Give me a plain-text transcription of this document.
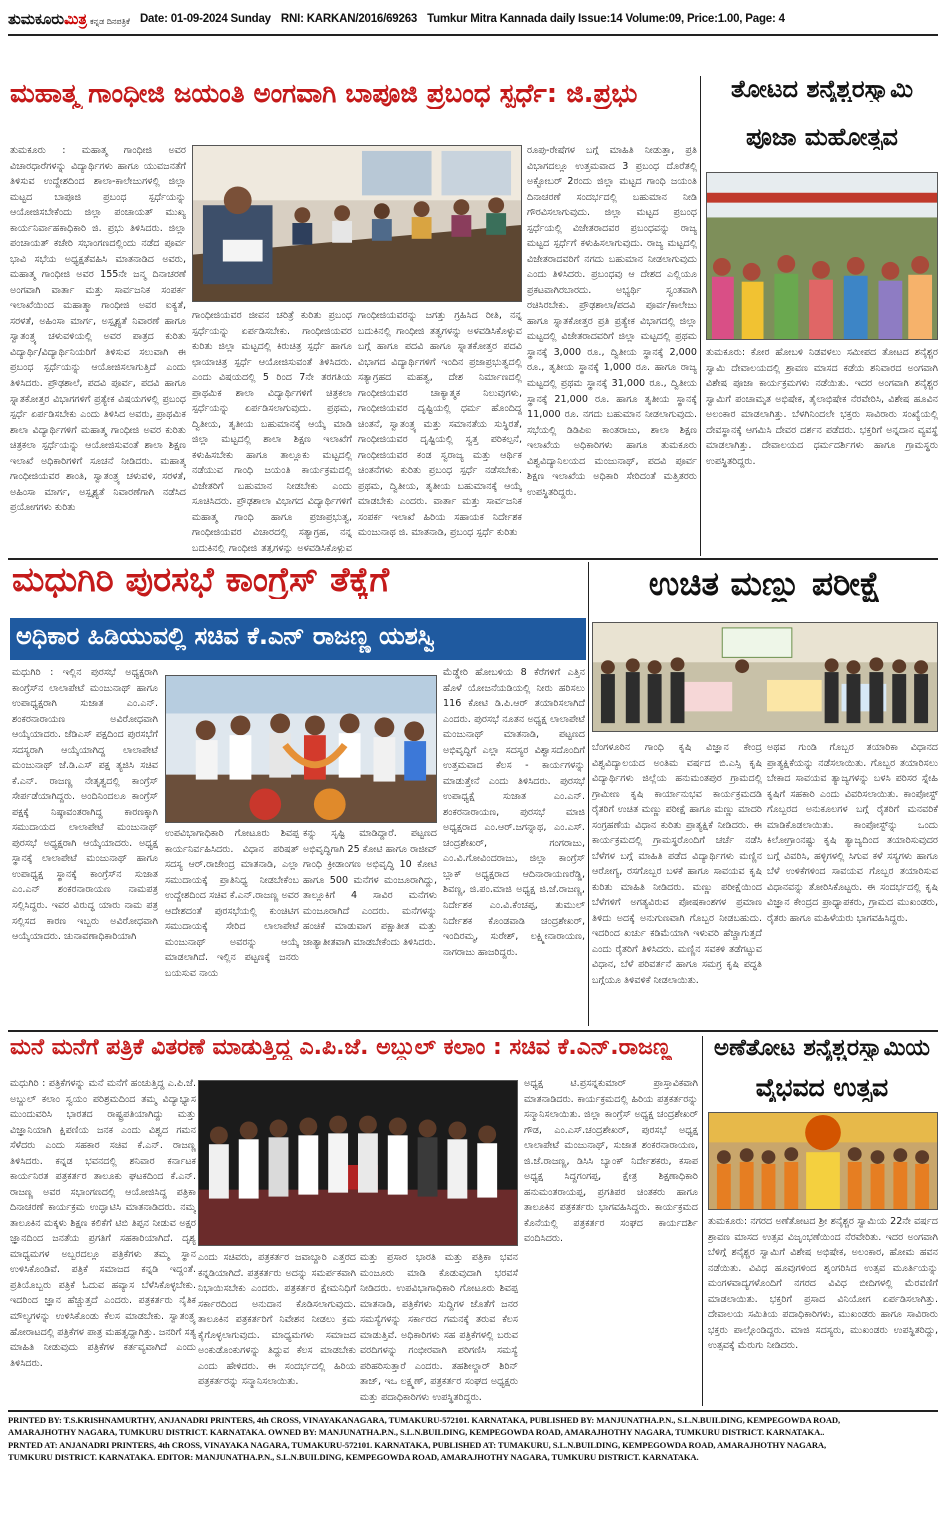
ತುಮಕೂರುಮಿತ್ರ ಕನ್ನಡ ದಿನಪತ್ರಿಕೆ Date: 01-09-2024 Sunday RNI: KARKAN/2016/69263 Tumkur Mitra Kannada daily Issue:14 Volume:09, Price:1.00, Page: 4
ಮಹಾತ್ಮ ಗಾಂಧೀಜಿ ಜಯಂತಿ ಅಂಗವಾಗಿ ಬಾಪೂಜಿ ಪ್ರಬಂಧ ಸ್ಪರ್ಧೆ: ಜಿ.ಪ್ರಭು
ತುಮಕೂರು : ಮಹಾತ್ಮ ಗಾಂಧೀಜಿ ಅವರ ವಿಚಾರಧಾರೆಗಳನ್ನು ವಿದ್ಯಾರ್ಥಿಗಳು ಹಾಗೂ ಯುವಜನತೆಗೆ ತಿಳಿಸುವ ಉದ್ದೇಶದಿಂದ ಶಾಲಾ-ಕಾಲೇಜುಗಳಲ್ಲಿ ಜಿಲ್ಲಾ ಮಟ್ಟದ ಬಾಪೂಜಿ ಪ್ರಬಂಧ ಸ್ಪರ್ಧೆಯನ್ನು ಆಯೋಜಿಸಬೇಕೆಂದು ಜಿಲ್ಲಾ ಪಂಚಾಯತ್ ಮುಖ್ಯ ಕಾರ್ಯನಿರ್ವಾಹಕಾಧಿಕಾರಿ ಜಿ. ಪ್ರಭು ತಿಳಿಸಿದರು. ಜಿಲ್ಲಾ ಪಂಚಾಯತ್ ಕಚೇರಿ ಸಭಾಂಗಣದಲ್ಲಿಂದು ನಡೆದ ಪೂರ್ವ ಭಾವಿ ಸಭೆಯ ಅಧ್ಯಕ್ಷತೆವಹಿಸಿ ಮಾತನಾಡಿದ ಅವರು, ಮಹಾತ್ಮ ಗಾಂಧೀಜಿ ಅವರ 155ನೇ ಜನ್ಮ ದಿನಾಚರಣೆ ಅಂಗವಾಗಿ ವಾರ್ತಾ ಮತ್ತು ಸಾರ್ವಜನಿಕ ಸಂಪರ್ಕ ಇಲಾಖೆಯಿಂದ ಮಹಾತ್ಮಾ ಗಾಂಧೀಜಿ ಅವರ ಐಕ್ಯತೆ, ಸರಳತೆ, ಅಹಿಂಸಾ ಮಾರ್ಗ, ಅಸ್ಪೃಶ್ಯತೆ ನಿವಾರಣೆ ಹಾಗೂ ಸ್ವಾತಂತ್ರ್ಯ ಚಳುವಳಿಯಲ್ಲಿ ಅವರ ಪಾತ್ರದ ಕುರಿತು ವಿದ್ಯಾರ್ಥಿ/ವಿದ್ಯಾರ್ಥಿನಿಯರಿಗೆ ತಿಳಿಸುವ ಸಲುವಾಗಿ ಈ ಪ್ರಬಂಧ ಸ್ಪರ್ಧೆಯನ್ನು ಆಯೋಜಿಸಲಾಗುತ್ತಿದೆ ಎಂದು ತಿಳಿಸಿದರು. ಪ್ರೌಢಶಾಲೆ, ಪದವಿ ಪೂರ್ವ, ಪದವಿ ಹಾಗೂ ಸ್ನಾತಕೋತ್ತರ ವಿಭಾಗಗಳಿಗೆ ಪ್ರತ್ಯೇಕ ವಿಷಯಗಳಲ್ಲಿ ಪ್ರಬಂಧ ಸ್ಪರ್ಧೆ ಏರ್ಪಡಿಸಬೇಕು ಎಂದು ತಿಳಿಸಿದ ಅವರು, ಪ್ರಾಥಮಿಕ ಶಾಲಾ ವಿದ್ಯಾರ್ಥಿಗಳಿಗೆ ಮಹಾತ್ಮ ಗಾಂಧೀಜಿ ಅವರ ಕುರಿತು ಚಿತ್ರಕಲಾ ಸ್ಪರ್ಧೆಯನ್ನು ಆಯೋಜಿಸುವಂತೆ ಶಾಲಾ ಶಿಕ್ಷಣ ಇಲಾಖೆ ಅಧಿಕಾರಿಗಳಿಗೆ ಸೂಚನೆ ನೀಡಿದರು. ಮಹಾತ್ಮ ಗಾಂಧೀಜಿಯವರ ಶಾಂತಿ, ಸ್ವಾತಂತ್ರ್ಯ ಚಳುವಳಿ, ಸರಳತೆ, ಅಹಿಂಸಾ ಮಾರ್ಗ, ಅಸ್ಪೃಶ್ಯತೆ ನಿವಾರಣೆಗಾಗಿ ನಡೆಸಿದ ಪ್ರಯೋಗಗಳು ಕುರಿತು
ಗಾಂಧೀಜಿಯವರ ಜೀವನ ಚರಿತ್ರೆ ಕುರಿತು ಪ್ರಬಂಧ ಸ್ಪರ್ಧೆಯನ್ನು ಏರ್ಪಡಿಸಬೇಕು. ಗಾಂಧೀಜಿಯವರ ಕುರಿತು ಜಿಲ್ಲಾ ಮಟ್ಟದಲ್ಲಿ ಕಿರುಚಿತ್ರ ಸ್ಪರ್ಧೆ ಹಾಗೂ ಛಾಯಾಚಿತ್ರ ಸ್ಪರ್ಧೆ ಆಯೋಜಿಸುವಂತೆ ತಿಳಿಸಿದರು. ಎಂದು ವಿಷಯದಲ್ಲಿ 5 ರಿಂದ 7ನೇ ತರಗತಿಯ ಪ್ರಾಥಮಿಕ ಶಾಲಾ ವಿದ್ಯಾರ್ಥಿಗಳಿಗೆ ಚಿತ್ರಕಲಾ ಸ್ಪರ್ಧೆಯನ್ನು ಏರ್ಪಡಿಸಲಾಗುವುದು. ಪ್ರಥಮ, ದ್ವಿತೀಯ, ತೃತೀಯ ಬಹುಮಾನಕ್ಕೆ ಆಯ್ಕೆ ಮಾಡಿ ಜಿಲ್ಲಾ ಮಟ್ಟದಲ್ಲಿ ಶಾಲಾ ಶಿಕ್ಷಣ ಇಲಾಖೆಗೆ ಕಳುಹಿಸಬೇಕು ಹಾಗೂ ತಾಲ್ಲೂಕು ಮಟ್ಟದಲ್ಲಿ ನಡೆಯುವ ಗಾಂಧಿ ಜಯಂತಿ ಕಾರ್ಯಕ್ರಮದಲ್ಲಿ ವಿಜೇತರಿಗೆ ಬಹುಮಾನ ನೀಡಬೇಕು ಎಂದು ಸೂಚಿಸಿದರು. ಪ್ರೌಢಶಾಲಾ ವಿಭಾಗದ ವಿದ್ಯಾರ್ಥಿಗಳಿಗೆ ಮಹಾತ್ಮ ಗಾಂಧಿ ಹಾಗೂ ಪ್ರಜಾಪ್ರಭುತ್ವ, ಗಾಂಧೀಜಿಯವರ ವಿಚಾರದಲ್ಲಿ ಸತ್ಯಾಗ್ರಹ, ನನ್ನ ಬದುಕಿನಲ್ಲಿ ಗಾಂಧೀಜಿ ತತ್ವಗಳನ್ನು ಅಳವಡಿಸಿಕೊಳ್ಳುವ
ಗಾಂಧೀಜಿಯವರನ್ನು ಜಗತ್ತು ಗ್ರಹಿಸಿದ ರೀತಿ, ನನ್ನ ಬದುಕಿನಲ್ಲಿ ಗಾಂಧೀಜಿ ತತ್ವಗಳನ್ನು ಅಳವಡಿಸಿಕೊಳ್ಳುವ ಬಗ್ಗೆ ಹಾಗೂ ಪದವಿ ಹಾಗೂ ಸ್ನಾತಕೋತ್ತರ ಪದವಿ ವಿಭಾಗದ ವಿದ್ಯಾರ್ಥಿಗಳಿಗೆ ಇಂದಿನ ಪ್ರಜಾಪ್ರಭುತ್ವದಲ್ಲಿ ಸತ್ಯಾಗ್ರಹದ ಮಹತ್ವ, ದೇಶ ನಿರ್ಮಾಣದಲ್ಲಿ ಗಾಂಧೀಜಿಯವರ ಚಾಕ್ಯಾತ್ಮಕ ನಿಲುವುಗಳು, ಗಾಂಧೀಜಿಯವರ ದೃಷ್ಟಿಯಲ್ಲಿ ಧರ್ಮ ಹೊಂದಿದ್ದ ಚಿಂತನೆ, ಸ್ವಾತಂತ್ರ್ಯ ಮತ್ತು ಸಮಾನತೆಯ ಸುಸ್ಥಿರತೆ, ಗಾಂಧೀಜಿಯವರ ದೃಷ್ಟಿಯಲ್ಲಿ ಸ್ವತ್ತ ಪರಿಕಲ್ಪನೆ, ಗಾಂಧೀಜಿಯವರ ಕಂಡ ಸ್ವರಾಜ್ಯ ಮತ್ತು ಆರ್ಥಿಕ ಚಿಂತನೆಗಳು ಕುರಿತು ಪ್ರಬಂಧ ಸ್ಪರ್ಧೆ ನಡೆಸಬೇಕು. ಪ್ರಥಮ, ದ್ವಿತೀಯ, ತೃತೀಯ ಬಹುಮಾನಕ್ಕೆ ಆಯ್ಕೆ ಮಾಡಬೇಕು ಎಂದರು. ವಾರ್ತಾ ಮತ್ತು ಸಾರ್ವಜನಿಕ ಸಂಪರ್ಕ ಇಲಾಖೆ ಹಿರಿಯ ಸಹಾಯಕ ನಿರ್ದೇಶಕ ಮಂಜುನಾಥ ಜಿ. ಮಾತನಾಡಿ, ಪ್ರಬಂಧ ಸ್ಪರ್ಧೆ ಕುರಿತು
ರೂಪು-ರೇಷೆಗಳ ಬಗ್ಗೆ ಮಾಹಿತಿ ನೀಡುತ್ತಾ, ಪ್ರತಿ ವಿಭಾಗದಲ್ಲೂ ಉತ್ತಮವಾದ 3 ಪ್ರಬಂಧ ದೊರೆತಲ್ಲಿ ಅಕ್ಟೋಬರ್ 2ರಂದು ಜಿಲ್ಲಾ ಮಟ್ಟದ ಗಾಂಧಿ ಜಯಂತಿ ದಿನಾಚರಣೆ ಸಂದರ್ಭದಲ್ಲಿ ಬಹುಮಾನ ನೀಡಿ ಗೌರವಿಸಲಾಗುವುದು. ಜಿಲ್ಲಾ ಮಟ್ಟದ ಪ್ರಬಂಧ ಸ್ಪರ್ಧೆಯಲ್ಲಿ ವಿಜೇತರಾದವರ ಪ್ರಬಂಧವನ್ನು ರಾಜ್ಯ ಮಟ್ಟದ ಸ್ಪರ್ಧೆಗೆ ಕಳುಹಿಸಲಾಗುವುದು. ರಾಜ್ಯ ಮಟ್ಟದಲ್ಲಿ ವಿಜೇತರಾದವರಿಗೆ ನಗದು ಬಹುಮಾನ ನೀಡಲಾಗುವುದು ಎಂದು ತಿಳಿಸಿದರು. ಪ್ರಬಂಧವು ಆ ದೇಶದ ಎಲ್ಲಿಯೂ ಪ್ರಕಟವಾಗಿರಬಾರದು. ಅಭ್ಯರ್ಥಿ ಸ್ವಂತವಾಗಿ ರಚಿಸಿರಬೇಕು. ಪ್ರೌಢಶಾಲಾ/ಪದವಿ ಪೂರ್ವ/ಕಾಲೇಜು ಹಾಗೂ ಸ್ನಾತಕೋತ್ತರ ಪ್ರತಿ ಪ್ರತ್ಯೇಕ ವಿಭಾಗದಲ್ಲಿ ಜಿಲ್ಲಾ ಮಟ್ಟದಲ್ಲಿ ವಿಜೇತರಾದವರಿಗೆ ಜಿಲ್ಲಾ ಮಟ್ಟದಲ್ಲಿ ಪ್ರಥಮ ಸ್ಥಾನಕ್ಕೆ 3,000 ರೂ., ದ್ವಿತೀಯ ಸ್ಥಾನಕ್ಕೆ 2,000 ರೂ., ತೃತೀಯ ಸ್ಥಾನಕ್ಕೆ 1,000 ರೂ. ಹಾಗೂ ರಾಜ್ಯ ಮಟ್ಟದಲ್ಲಿ ಪ್ರಥಮ ಸ್ಥಾನಕ್ಕೆ 31,000 ರೂ., ದ್ವಿತೀಯ ಸ್ಥಾನಕ್ಕೆ 21,000 ರೂ. ಹಾಗೂ ತೃತೀಯ ಸ್ಥಾನಕ್ಕೆ 11,000 ರೂ. ನಗದು ಬಹುಮಾನ ನೀಡಲಾಗುವುದು. ಸಭೆಯಲ್ಲಿ ಡಿಡಿಪಿಐ ಕಾಂತರಾಜು, ಶಾಲಾ ಶಿಕ್ಷಣ ಇಲಾಖೆಯ ಅಧಿಕಾರಿಗಳು ಹಾಗೂ ತುಮಕೂರು ವಿಶ್ವವಿದ್ಯಾನಿಲಯದ ಮಂಜುನಾಥ್, ಪದವಿ ಪೂರ್ವ ಶಿಕ್ಷಣ ಇಲಾಖೆಯ ಅಧಿಕಾರಿ ಸೇರಿದಂತೆ ಮತ್ತಿತರರು ಉಪಸ್ಥಿತರಿದ್ದರು.
ತೋಟದ ಶನೈಶ್ಚರಸ್ವಾಮಿ
ಪೂಜಾ ಮಹೋತ್ಸವ
ತುಮಕೂರು: ಕೋರ ಹೋಬಳಿ ನಿಡವಳಲು ಸಮೀಪದ ತೋಟದ ಶನೈಶ್ಚರ ಸ್ವಾಮಿ ದೇವಾಲಯದಲ್ಲಿ ಶ್ರಾವಣ ಮಾಸದ ಕಡೆಯ ಶನಿವಾರದ ಅಂಗವಾಗಿ ವಿಶೇಷ ಪೂಜಾ ಕಾರ್ಯಕ್ರಮಗಳು ನಡೆಯಿತು. ಇದರ ಅಂಗವಾಗಿ ಶನೈಶ್ಚರ ಸ್ವಾಮಿಗೆ ಪಂಚಾಮೃತ ಅಭಿಷೇಕ, ತೈಲಾಭಿಷೇಕ ನೆರವೇರಿಸಿ, ವಿಶೇಷ ಹೂವಿನ ಅಲಂಕಾರ ಮಾಡಲಾಗಿತ್ತು. ಬೆಳಗಿನಿಂದಲೇ ಭಕ್ತರು ಸಾವಿರಾರು ಸಂಖ್ಯೆಯಲ್ಲಿ ದೇವಸ್ಥಾನಕ್ಕೆ ಆಗಮಿಸಿ ದೇವರ ದರ್ಶನ ಪಡೆದರು. ಭಕ್ತರಿಗೆ ಅನ್ನದಾನ ವ್ಯವಸ್ಥೆ ಮಾಡಲಾಗಿತ್ತು. ದೇವಾಲಯದ ಧರ್ಮದರ್ಶಿಗಳು ಹಾಗೂ ಗ್ರಾಮಸ್ಥರು ಉಪಸ್ಥಿತರಿದ್ದರು.
ಮಧುಗಿರಿ ಪುರಸಭೆ ಕಾಂಗ್ರೆಸ್ ತೆಕ್ಕೆಗೆ
ಅಧಿಕಾರ ಹಿಡಿಯುವಲ್ಲಿ ಸಚಿವ ಕೆ.ಎನ್ ರಾಜಣ್ಣ ಯಶಸ್ವಿ
ಮಧುಗಿರಿ : ಇಲ್ಲಿನ ಪುರಸಭೆ ಅಧ್ಯಕ್ಷರಾಗಿ ಕಾಂಗ್ರೆಸ್‌ನ ಲಾಲಾಪೇಟೆ ಮಂಜುನಾಥ್ ಹಾಗೂ ಉಪಾಧ್ಯಕ್ಷರಾಗಿ ಸುಜಾತ ಎಂ.ಎನ್. ಶಂಕರನಾರಾಯಣ ಅವಿರೋಧವಾಗಿ ಆಯ್ಕೆಯಾದರು. ಜೆಡಿಎಸ್ ಪಕ್ಷದಿಂದ ಪುರಸಭೆಗೆ ಸದಸ್ಯರಾಗಿ ಆಯ್ಕೆಯಾಗಿದ್ದ ಲಾಲಾಪೇಟೆ ಮಂಜುನಾಥ್ ಜೆ.ಡಿ.ಎಸ್ ಪಕ್ಷ ತ್ಯಜಿಸಿ ಸಚಿವ ಕೆ.ಎನ್. ರಾಜಣ್ಣ ನೇತೃತ್ವದಲ್ಲಿ ಕಾಂಗ್ರೆಸ್ ಸೇರ್ಪಡೆಯಾಗಿದ್ದರು. ಅಂದಿನಿಂದಲೂ ಕಾಂಗ್ರೆಸ್ ಪಕ್ಷಕ್ಕೆ ನಿಷ್ಠಾವಂತರಾಗಿದ್ದ ಕಾರಣಕ್ಕಾಗಿ ಸಮುದಾಯದ ಲಾಲಾಪೇಟೆ ಮಂಜುನಾಥ್ ಪುರಸಭೆ ಅಧ್ಯಕ್ಷರಾಗಿ ಆಯ್ಕೆಯಾದರು. ಅಧ್ಯಕ್ಷ ಸ್ಥಾನಕ್ಕೆ ಲಾಲಾಪೇಟೆ ಮಂಜುನಾಥ್ ಹಾಗೂ ಉಪಾಧ್ಯಕ್ಷ ಸ್ಥಾನಕ್ಕೆ ಕಾಂಗ್ರೆಸ್‌ನ ಸುಜಾತ ಎಂ.ಎನ್ ಶಂಕರನಾರಾಯಣ ನಾಮಪತ್ರ ಸಲ್ಲಿಸಿದ್ದರು. ಇವರ ವಿರುದ್ಧ ಯಾರು ನಾಮ ಪತ್ರ ಸಲ್ಲಿಸದ ಕಾರಣ ಇಬ್ಬರು ಅವಿರೋಧವಾಗಿ ಆಯ್ಕೆಯಾದರು. ಚುನಾವಣಾಧಿಕಾರಿಯಾಗಿ
ಉಪವಿಭಾಗಾಧಿಕಾರಿ ಗೋಟೂರು ಶಿವಪ್ಪ ಕಾರ್ಯನಿರ್ವಹಿಸಿದರು. ವಿಧಾನ ಪರಿಷತ್ ಸದಸ್ಯ ಆರ್.ರಾಜೇಂದ್ರ ಮಾತನಾಡಿ, ಎಲ್ಲಾ ಸಮುದಾಯಕ್ಕೆ ಪ್ರಾತಿನಿಧ್ಯ ನೀಡಬೇಕೆಂಬ ಉದ್ದೇಶದಿಂದ ಸಚಿವ ಕೆ.ಎನ್.ರಾಜಣ್ಣ ಅವರ ಆದೇಶದಂತೆ ಪುರಸಭೆಯಲ್ಲಿ ಕುಂಚಿಟಿಗ ಸಮುದಾಯಕ್ಕೆ ಸೇರಿದ ಲಾಲಾಪೇಟೆ ಮಂಜುನಾಥ್ ಅವರನ್ನು ಆಯ್ಕೆ ಮಾಡಲಾಗಿದೆ. ಇಲ್ಲಿನ ಪಟ್ಟಣಕ್ಕೆ ಜನರು ಬಯಸುವ ನಾಯ
ಕನ್ನು ಸೃಷ್ಟಿ ಮಾಡಿದ್ದಾರೆ. ಪಟ್ಟಣದ ಅಭಿವೃದ್ಧಿಗಾಗಿ 25 ಕೋಟಿ ಹಾಗೂ ರಾಜೀವ್ ಗಾಂಧಿ ಕ್ರೀಡಾಂಗಣ ಅಭಿವೃದ್ಧಿ 10 ಕೋಟಿ ಹಾಗೂ 500 ಮನೆಗಳ ಮಂಜೂರಾಗಿದ್ದು, ತಾಲ್ಲೂಕಿಗೆ 4 ಸಾವಿರ ಮನೆಗಳು ಮಂಜೂರಾಗಿದೆ ಎಂದರು. ಮನೆಗಳನ್ನು ಹಂಚಿಕೆ ಮಾಡುವಾಗ ಪಕ್ಷಾತೀತ ಮತ್ತು ಜಾತ್ಯಾತೀತವಾಗಿ ಮಾಡಬೇಕೆಂದು ತಿಳಿಸಿದರು.
ಮೆಡ್ಡೇರಿ ಹೋಬಳಿಯ 8 ಕೆರೆಗಳಿಗೆ ಎತ್ತಿನ ಹೊಳೆ ಯೋಜನೆಯಡಿಯಲ್ಲಿ ನೀರು ಹರಿಸಲು 116 ಕೋಟಿ ಡಿ.ಪಿ.ಆರ್ ತಯಾರಿಸಲಾಗಿದೆ ಎಂದರು. ಪುರಸಭೆ ನೂತನ ಅಧ್ಯಕ್ಷ ಲಾಲಾಪೇಟೆ ಮಂಜುನಾಥ್ ಮಾತನಾಡಿ, ಪಟ್ಟಣದ ಅಭಿವೃದ್ಧಿಗೆ ಎಲ್ಲಾ ಸದಸ್ಯರ ವಿಶ್ವಾಸದೊಂದಿಗೆ ಉತ್ತಮವಾದ ಕೆಲಸ - ಕಾರ್ಯಗಳನ್ನು ಮಾಡುತ್ತೇನೆ ಎಂದು ತಿಳಿಸಿದರು. ಪುರಸಭೆ ಉಪಾಧ್ಯಕ್ಷೆ ಸುಜಾತ ಎಂ.ಎನ್. ಶಂಕರನಾರಾಯಣ, ಪುರಸಭೆ ಮಾಜಿ ಅಧ್ಯಕ್ಷರಾದ ಎಂ.ಆರ್.ಜಗನ್ನಾಥ, ಎಂ.ಎಸ್. ಚಂದ್ರಶೇಖರ್, ಗಂಗರಾಜು, ಎಂ.ವಿ.ಗೋವಿಂದರಾಜು, ಜಿಲ್ಲಾ ಕಾಂಗ್ರೆಸ್ ಬ್ಲಾಕ್ ಅಧ್ಯಕ್ಷರಾದ ಆದಿನಾರಾಯಣರೆಡ್ಡಿ, ಶಿವಣ್ಣ, ಜಿ.ಪಂ.ಮಾಜಿ ಅಧ್ಯಕ್ಷ ಜಿ.ಜೆ.ರಾಜಣ್ಣ, ನಿರ್ದೇಶಕ ಎಂ.ವಿ.ಕೆಂಚಪ್ಪ, ತುಮುಲ್ ನಿರ್ದೇಶಕ ಕೊಂಡವಾಡಿ ಚಂದ್ರಶೇಖರ್, ಇಂದಿರಮ್ಮ, ಸುರೇಶ್, ಲಕ್ಷ್ಮೀನಾರಾಯಣ, ನಾಗರಾಜು ಹಾಜರಿದ್ದರು.
ಉಚಿತ ಮಣ್ಣು ಪರೀಕ್ಷೆ
ಬೆಂಗಳೂರಿನ ಗಾಂಧಿ ಕೃಷಿ ವಿಜ್ಞಾನ ಕೇಂದ್ರ ವಿಶ್ವವಿದ್ಯಾಲಯದ ಅಂತಿಮ ವರ್ಷದ ಬಿ.ಎಸ್ಸಿ ಕೃಷಿ ವಿದ್ಯಾರ್ಥಿಗಳು ಜಿಲ್ಲೆಯ ಹನುಮಂತಪುರ ಗ್ರಾಮದಲ್ಲಿ ಗ್ರಾಮೀಣ ಕೃಷಿ ಕಾರ್ಯಾನುಭವ ಕಾರ್ಯಕ್ರಮದಡಿ ರೈತರಿಗೆ ಉಚಿತ ಮಣ್ಣು ಪರೀಕ್ಷೆ ಹಾಗೂ ಮಣ್ಣು ಮಾದರಿ ಸಂಗ್ರಹಣೆಯ ವಿಧಾನ ಕುರಿತು ಪ್ರಾತ್ಯಕ್ಷಿಕೆ ನೀಡಿದರು. ಈ ಕಾರ್ಯಕ್ರಮದಲ್ಲಿ ಗ್ರಾಮಸ್ಥರೊಂದಿಗೆ ಚರ್ಚೆ ನಡೆಸಿ ಬೆಳೆಗಳ ಬಗ್ಗೆ ಮಾಹಿತಿ ಪಡೆದ ವಿದ್ಯಾರ್ಥಿಗಳು ಮಣ್ಣಿನ ಆರೋಗ್ಯ, ರಸಗೊಬ್ಬರ ಬಳಕೆ ಹಾಗೂ ಸಾವಯವ ಕೃಷಿ ಕುರಿತು ಮಾಹಿತಿ ನೀಡಿದರು. ಮಣ್ಣು ಪರೀಕ್ಷೆಯಿಂದ ಬೆಳೆಗಳಿಗೆ ಅಗತ್ಯವಿರುವ ಪೋಷಕಾಂಶಗಳ ಪ್ರಮಾಣ ತಿಳಿದು ಅದಕ್ಕೆ ಅನುಗುಣವಾಗಿ ಗೊಬ್ಬರ ನೀಡಬಹುದು. ಇದರಿಂದ ಖರ್ಚು ಕಡಿಮೆಯಾಗಿ ಇಳುವರಿ ಹೆಚ್ಚಾಗುತ್ತದೆ ಎಂದು ರೈತರಿಗೆ ತಿಳಿಸಿದರು. ಮಣ್ಣಿನ ಸವಕಳಿ ತಡೆಗಟ್ಟುವ ವಿಧಾನ, ಬೆಳೆ ಪರಿವರ್ತನೆ ಹಾಗೂ ಸಮಗ್ರ ಕೃಷಿ ಪದ್ಧತಿ ಬಗ್ಗೆಯೂ ತಿಳಿವಳಿಕೆ ನೀಡಲಾಯಿತು.
ಅಥವ ಗುಂಡಿ ಗೊಬ್ಬರ ತಯಾರಿಕಾ ವಿಧಾನದ ಪ್ರಾತ್ಯಕ್ಷಿಕೆಯನ್ನು ನಡೆಸಲಾಯಿತು. ಗೊಬ್ಬರ ತಯಾರಿಸಲು ಬೇಕಾದ ಸಾವಯವ ತ್ಯಾಜ್ಯಗಳನ್ನು ಬಳಸಿ ಪರಿಸರ ಸ್ನೇಹಿ ಕೃಷಿಗೆ ಸಹಕಾರಿ ಎಂದು ವಿವರಿಸಲಾಯಿತು. ಕಾಂಪೋಸ್ಟ್ ಗೊಬ್ಬರದ ಅನುಕೂಲಗಳ ಬಗ್ಗೆ ರೈತರಿಗೆ ಮನವರಿಕೆ ಮಾಡಿಕೊಡಲಾಯಿತು. ಕಾಂಪೋಸ್ಟ್‌ನ್ನು ಒಂದು ಕಿಲೋಗ್ರಾಂನಷ್ಟು ಕೃಷಿ ತ್ಯಾಜ್ಯದಿಂದ ತಯಾರಿಸುವುದರ ಬಗ್ಗೆ ವಿವರಿಸಿ, ಹಳ್ಳಿಗಳಲ್ಲಿ ಸಿಗುವ ಕಳೆ ಸಸ್ಯಗಳು ಹಾಗೂ ಬೆಳೆ ಉಳಿಕೆಗಳಿಂದ ಸಾವಯವ ಗೊಬ್ಬರ ತಯಾರಿಸುವ ವಿಧಾನವನ್ನು ತೋರಿಸಿಕೊಟ್ಟರು. ಈ ಸಂದರ್ಭದಲ್ಲಿ ಕೃಷಿ ವಿಜ್ಞಾನ ಕೇಂದ್ರದ ಪ್ರಾಧ್ಯಾಪಕರು, ಗ್ರಾಮದ ಮುಖಂಡರು, ರೈತರು ಹಾಗೂ ಮಹಿಳೆಯರು ಭಾಗವಹಿಸಿದ್ದರು.
ಮನೆ ಮನೆಗೆ ಪತ್ರಿಕೆ ವಿತರಣೆ ಮಾಡುತ್ತಿದ್ದ ಎ.ಪಿ.ಜೆ. ಅಬ್ದುಲ್ ಕಲಾಂ : ಸಚಿವ ಕೆ.ಎನ್.ರಾಜಣ್ಣ
ಮಧುಗಿರಿ : ಪತ್ರಿಕೆಗಳನ್ನು ಮನೆ ಮನೆಗೆ ಹಂಚುತ್ತಿದ್ದ ಎ.ಪಿ.ಜೆ. ಅಬ್ದುಲ್ ಕಲಾಂ ಸ್ವಯಂ ಪರಿಶ್ರಮದಿಂದ ತಮ್ಮ ವಿದ್ಯಾಭ್ಯಾಸ ಮುಂದುವರಿಸಿ ಭಾರತದ ರಾಷ್ಟ್ರಪತಿಯಾಗಿದ್ದು ಮತ್ತು ವಿಜ್ಞಾನಿಯಾಗಿ ಕ್ಷಿಪಣಿಯ ಜನಕ ಎಂದು ವಿಶ್ವದ ಗಮನ ಸೆಳೆದರು ಎಂದು ಸಹಕಾರ ಸಚಿವ ಕೆ.ಎನ್. ರಾಜಣ್ಣ ತಿಳಿಸಿದರು. ಕನ್ನಡ ಭವನದಲ್ಲಿ ಶನಿವಾರ ಕರ್ನಾಟಕ ಕಾರ್ಯನಿರತ ಪತ್ರಕರ್ತರ ತಾಲೂಕು ಘಟಕದಿಂದ ಕೆ.ಎನ್. ರಾಜಣ್ಣ ಅವರ ಸಭಾಂಗಣದಲ್ಲಿ ಆಯೋಜಿಸಿದ್ದ ಪತ್ರಿಕಾ ದಿನಾಚರಣೆ ಕಾರ್ಯಕ್ರಮ ಉದ್ಘಾಟಿಸಿ ಮಾತನಾಡಿದರು. ನಮ್ಮ ತಾಲೂಕಿನ ಮಕ್ಕಳು ಶಿಕ್ಷಣ ಕಲಿಕೆಗೆ ಟಿಬಿ ತಿಪ್ಪನ ನೀಡುವ ಅಕ್ಷರ ಜ್ಞಾನದಿಂದ ಜನತೆಯ ಪ್ರಗತಿಗೆ ಸಹಕಾರಿಯಾಗಿದೆ. ದೃಶ್ಯ ಮಾಧ್ಯಮಗಳ ಅಬ್ಬರದಲ್ಲೂ ಪತ್ರಿಕೆಗಳು ತಮ್ಮ ಸ್ಥಾನ ಉಳಿಸಿಕೊಂಡಿವೆ. ಪತ್ರಿಕೆ ಸಮಾಜದ ಕನ್ನಡಿ ಇದ್ದಂತೆ. ಪ್ರತಿಯೊಬ್ಬರು ಪತ್ರಿಕೆ ಓದುವ ಹವ್ಯಾಸ ಬೆಳೆಸಿಕೊಳ್ಳಬೇಕು. ಇದರಿಂದ ಜ್ಞಾನ ಹೆಚ್ಚುತ್ತದೆ ಎಂದರು. ಪತ್ರಕರ್ತರು ನೈತಿಕ ಮೌಲ್ಯಗಳನ್ನು ಉಳಿಸಿಕೊಂಡು ಕೆಲಸ ಮಾಡಬೇಕು. ಸ್ವಾತಂತ್ರ್ಯ ಹೋರಾಟದಲ್ಲಿ ಪತ್ರಿಕೆಗಳ ಪಾತ್ರ ಮಹತ್ವದ್ದಾಗಿತ್ತು. ಜನರಿಗೆ ಸತ್ಯ ಮಾಹಿತಿ ನೀಡುವುದು ಪತ್ರಿಕೆಗಳ ಕರ್ತವ್ಯವಾಗಿದೆ ಎಂದು ತಿಳಿಸಿದರು.
ಎಂದು ಸಚಿವರು, ಪತ್ರಕರ್ತರ ಜವಾಬ್ದಾರಿ ಎತ್ತರದ ಕನ್ನಡಿಯಾಗಿದೆ. ಪತ್ರಕರ್ತರು ಅದನ್ನು ಸಮರ್ಪಕವಾಗಿ ನಿಭಾಯಿಸಬೇಕು ಎಂದರು. ಪತ್ರಕರ್ತರ ಕ್ಷೇಮನಿಧಿಗೆ ಸರ್ಕಾರದಿಂದ ಅನುದಾನ ಕೊಡಿಸಲಾಗುವುದು. ತಾಲೂಕಿನ ಪತ್ರಕರ್ತರಿಗೆ ನಿವೇಶನ ನೀಡಲು ಕ್ರಮ ಕೈಗೊಳ್ಳಲಾಗುವುದು. ಮಾಧ್ಯಮಗಳು ಸಮಾಜದ ಅಂಕುಡೊಂಕುಗಳನ್ನು ತಿದ್ದುವ ಕೆಲಸ ಮಾಡಬೇಕು ಎಂದು ಹೇಳಿದರು. ಈ ಸಂದರ್ಭದಲ್ಲಿ ಹಿರಿಯ ಪತ್ರಕರ್ತರನ್ನು ಸನ್ಮಾನಿಸಲಾಯಿತು.
ಮತ್ತು ಪ್ರಸಾರ ಭಾರತಿ ಮತ್ತು ಪತ್ರಿಕಾ ಭವನ ಮಂಜೂರು ಮಾಡಿ ಕೊಡುವುದಾಗಿ ಭರವಸೆ ನೀಡಿದರು. ಉಪವಿಭಾಗಾಧಿಕಾರಿ ಗೋಟೂರು ಶಿವಪ್ಪ ಮಾತನಾಡಿ, ಪತ್ರಿಕೆಗಳು ಸುದ್ದಿಗಳ ಜೊತೆಗೆ ಜನರ ಸಮಸ್ಯೆಗಳನ್ನು ಸರ್ಕಾರದ ಗಮನಕ್ಕೆ ತರುವ ಕೆಲಸ ಮಾಡುತ್ತಿವೆ. ಅಧಿಕಾರಿಗಳು ಸಹ ಪತ್ರಿಕೆಗಳಲ್ಲಿ ಬರುವ ವರದಿಗಳನ್ನು ಗಂಭೀರವಾಗಿ ಪರಿಗಣಿಸಿ ಸಮಸ್ಯೆ ಪರಿಹರಿಸುತ್ತಾರೆ ಎಂದರು. ತಹಶೀಲ್ದಾರ್ ಶಿರಿನ್ ತಾಜ್, ಇಒ ಲಕ್ಷ್ಮಣ್, ಪತ್ರಕರ್ತರ ಸಂಘದ ಅಧ್ಯಕ್ಷರು ಮತ್ತು ಪದಾಧಿಕಾರಿಗಳು ಉಪಸ್ಥಿತರಿದ್ದರು.
ಅಧ್ಯಕ್ಷ ಟಿ.ಪ್ರಸನ್ನಕುಮಾರ್ ಪ್ರಾಸ್ತಾವಿಕವಾಗಿ ಮಾತನಾಡಿದರು. ಕಾರ್ಯಕ್ರಮದಲ್ಲಿ ಹಿರಿಯ ಪತ್ರಕರ್ತರನ್ನು ಸನ್ಮಾನಿಸಲಾಯಿತು. ಜಿಲ್ಲಾ ಕಾಂಗ್ರೆಸ್ ಅಧ್ಯಕ್ಷ ಚಂದ್ರಶೇಖರ್ ಗೌಡ, ಎಂ.ಎಸ್.ಚಂದ್ರಶೇಖರ್, ಪುರಸಭೆ ಅಧ್ಯಕ್ಷ ಲಾಲಾಪೇಟೆ ಮಂಜುನಾಥ್, ಸುಜಾತ ಶಂಕರನಾರಾಯಣ, ಜಿ.ಜೆ.ರಾಜಣ್ಣ, ಡಿಸಿಸಿ ಬ್ಯಾಂಕ್ ನಿರ್ದೇಶಕರು, ಕಸಾಪ ಅಧ್ಯಕ್ಷ ಸಿದ್ದಗಂಗಪ್ಪ, ಕ್ಷೇತ್ರ ಶಿಕ್ಷಣಾಧಿಕಾರಿ ಹನುಮಂತರಾಯಪ್ಪ, ಪ್ರಗತಿಪರ ಚಿಂತಕರು ಹಾಗೂ ತಾಲೂಕಿನ ಪತ್ರಕರ್ತರು ಭಾಗವಹಿಸಿದ್ದರು. ಕಾರ್ಯಕ್ರಮದ ಕೊನೆಯಲ್ಲಿ ಪತ್ರಕರ್ತರ ಸಂಘದ ಕಾರ್ಯದರ್ಶಿ ವಂದಿಸಿದರು.
ಅಣೆತೋಟ ಶನೈಶ್ಚರಸ್ವಾಮಿಯ
ವೈಭವದ ಉತ್ಸವ
ತುಮಕೂರು: ನಗರದ ಅಣೆತೋಟದ ಶ್ರೀ ಶನೈಶ್ಚರ ಸ್ವಾಮಿಯ 22ನೇ ವರ್ಷದ ಶ್ರಾವಣ ಮಾಸದ ಉತ್ಸವ ವಿಜೃಂಭಣೆಯಿಂದ ನೆರವೇರಿತು. ಇದರ ಅಂಗವಾಗಿ ಬೆಳಿಗ್ಗೆ ಶನೈಶ್ಚರ ಸ್ವಾಮಿಗೆ ವಿಶೇಷ ಅಭಿಷೇಕ, ಅಲಂಕಾರ, ಹೋಮ ಹವನ ನಡೆಯಿತು. ವಿವಿಧ ಹೂವುಗಳಿಂದ ಶೃಂಗರಿಸಿದ ಉತ್ಸವ ಮೂರ್ತಿಯನ್ನು ಮಂಗಳವಾದ್ಯಗಳೊಂದಿಗೆ ನಗರದ ವಿವಿಧ ಬೀದಿಗಳಲ್ಲಿ ಮೆರವಣಿಗೆ ಮಾಡಲಾಯಿತು. ಭಕ್ತರಿಗೆ ಪ್ರಸಾದ ವಿನಿಯೋಗ ಏರ್ಪಡಿಸಲಾಗಿತ್ತು. ದೇವಾಲಯ ಸಮಿತಿಯ ಪದಾಧಿಕಾರಿಗಳು, ಮುಖಂಡರು ಹಾಗೂ ಸಾವಿರಾರು ಭಕ್ತರು ಪಾಲ್ಗೊಂಡಿದ್ದರು. ಮಾಜಿ ಸದಸ್ಯರು, ಮುಖಂಡರು ಉಪಸ್ಥಿತರಿದ್ದು, ಉತ್ಸವಕ್ಕೆ ಮೆರುಗು ನೀಡಿದರು.
PRINTED BY: T.S.KRISHNAMURTHY, ANJANADRI PRINTERS, 4th CROSS, VINAYAKANAGARA, TUMAKURU-572101. KARNATAKA, PUBLISHED BY: MANJUNATHA.P.N., S.L.N.BUILDING, KEMPEGOWDA ROAD,
AMARAJHOTHY NAGARA, TUMKURU DISTRICT. KARNATAKA. OWNED BY: MANJUNATHA.P.N., S.L.N.BUILDING, KEMPEGOWDA ROAD, AMARAJHOTHY NAGARA, TUMKURU DISTRICT. KARNATAKA..
PRNTED AT: ANJANADRI PRINTERS, 4th CROSS, VINAYAKA NAGARA, TUMAKURU-572101. KARNATAKA, PUBLISHED AT: TUMAKURU, S.L.N.BUILDING, KEMPEGOWDA ROAD, AMARAJHOTHY NAGARA,
TUMKURU DISTRICT. KARNATAKA. EDITOR: MANJUNATHA.P.N., S.L.N.BUILDING, KEMPEGOWDA ROAD, AMARAJHOTHY NAGARA, TUMKURU DISTRICT. KARNATAKA.
